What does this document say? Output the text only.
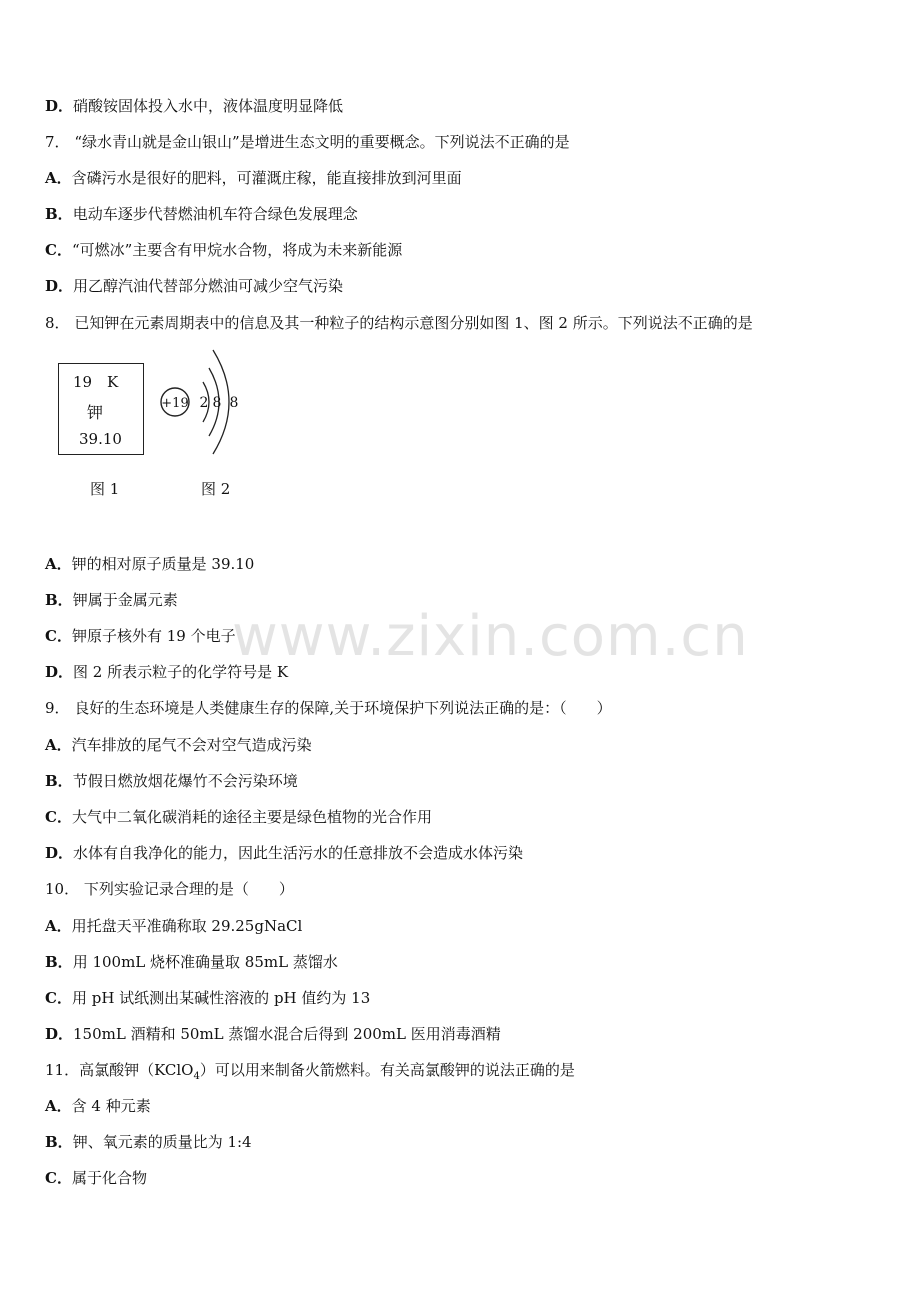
D．硝酸铵固体投入水中，液体温度明显降低
7． “绿水青山就是金山银山”是增进生态文明的重要概念。下列说法不正确的是
A．含磷污水是很好的肥料，可灌溉庄稼，能直接排放到河里面
B．电动车逐步代替燃油机车符合绿色发展理念
C．“可燃冰”主要含有甲烷水合物，将成为未来新能源
D．用乙醇汽油代替部分燃油可减少空气污染
8． 已知钾在元素周期表中的信息及其一种粒子的结构示意图分别如图 1、图 2 所示。下列说法不正确的是
A．钾的相对原子质量是 39.10
B．钾属于金属元素
C．钾原子核外有 19 个电子
D．图 2 所表示粒子的化学符号是 K
9． 良好的生态环境是人类健康生存的保障,关于环境保护下列说法正确的是：（　　）
A．汽车排放的尾气不会对空气造成污染
B．节假日燃放烟花爆竹不会污染环境
C．大气中二氧化碳消耗的途径主要是绿色植物的光合作用
D．水体有自我净化的能力，因此生活污水的任意排放不会造成水体污染
10． 下列实验记录合理的是（　　）
A．用托盘天平准确称取 29.25gNaCl
B．用 100mL 烧杯准确量取 85mL 蒸馏水
C．用 pH 试纸测出某碱性溶液的 pH 值约为 13
D．150mL 酒精和 50mL 蒸馏水混合后得到 200mL 医用消毒酒精
A．含 4 种元素
B．钾、氧元素的质量比为 1:4
C．属于化合物
www.zixin.com.cn
19 K
钾
39.10
图 1
+19 2 8 8
图 2
11．高氯酸钾（KClO$_4$）可以用来制备火箭燃料。有关高氯酸钾的说法正确的是
